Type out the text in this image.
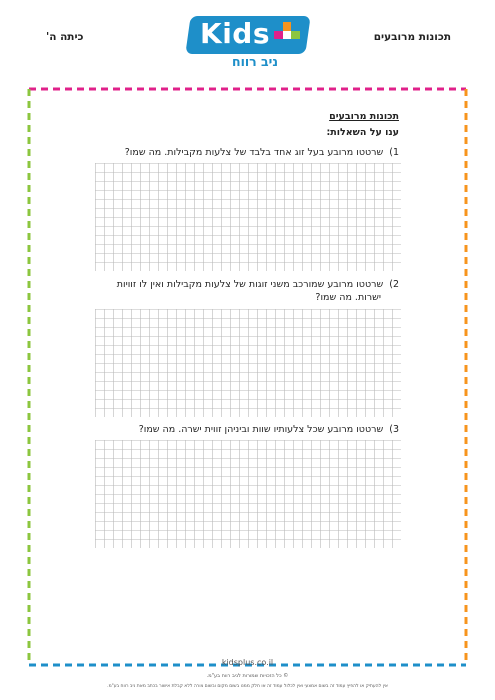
תכונות מרובעים
כיתה ה'	Kids
ניב רווח
תכונות מרובעים
ענו על השאלות:
1)שרטטו מרובע בעל זוג אחד בלבד של צלעות מקבילות. מה שמו?
2)שרטטו מרובע שמורכב משני זוגות של צלעות מקבילות ואין לו זוויות
ישרות. מה שמו?
3)שרטטו מרובע שכל צלעותיו שוות וביניהן זווית ישרה. מה שמו?
kidsplus.co.il
© כל הזכויות שמורות לניב רווח בע"מ.
אין להעתיק או להפיץ עמוד זה בשום אמצעי ואין לכלול עמוד זה או חלק ממנו בשום מקום ובשום צורה ללא קבלת אישור בכתב מאת ניב רווח בע"מ.
